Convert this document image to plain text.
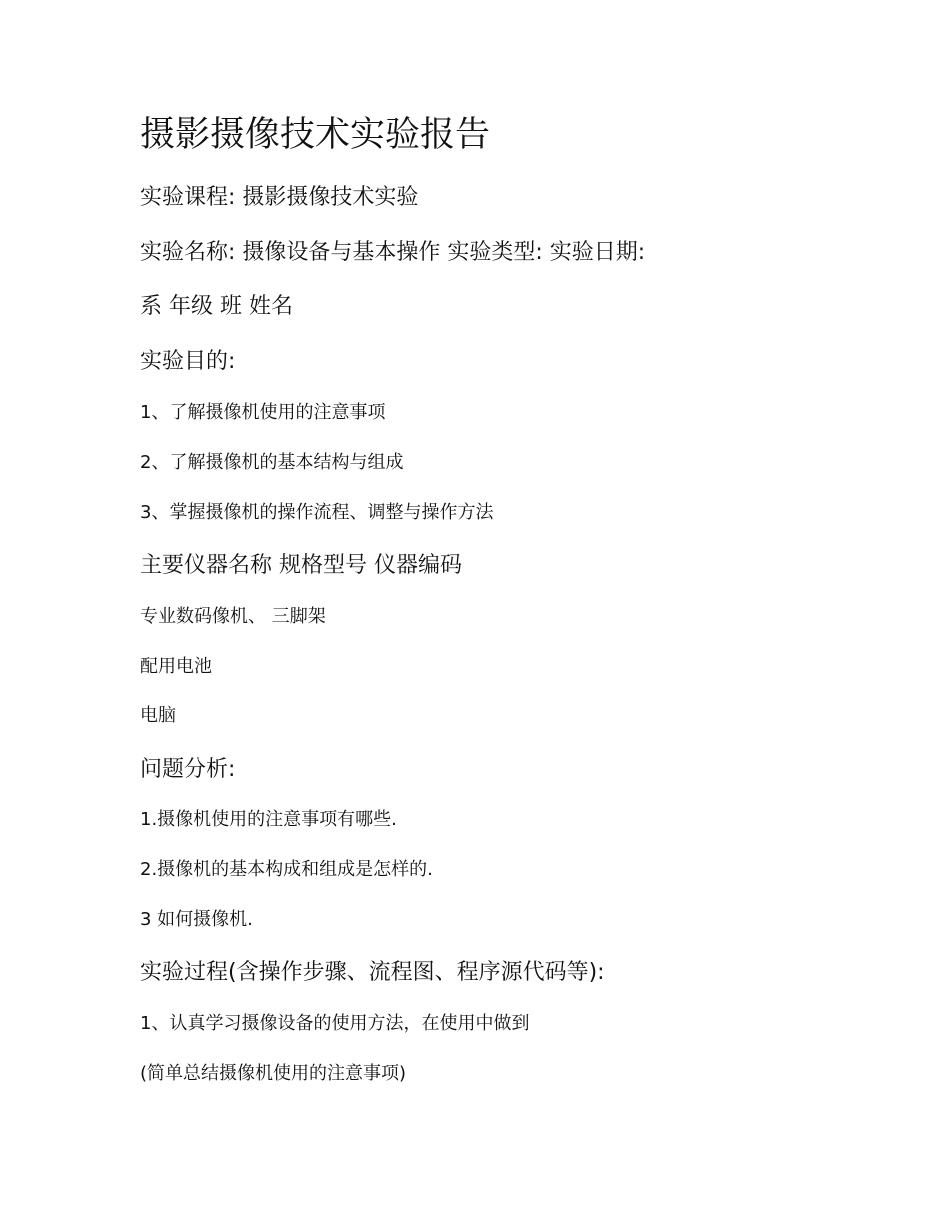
摄影摄像技术实验报告
实验课程: 摄影摄像技术实验
实验名称: 摄像设备与基本操作 实验类型: 实验日期:
系 年级 班 姓名
实验目的:
1、了解摄像机使用的注意事项
2、了解摄像机的基本结构与组成
3、掌握摄像机的操作流程、调整与操作方法
主要仪器名称 规格型号 仪器编码
专业数码像机、 三脚架
配用电池
电脑
问题分析:
1.摄像机使用的注意事项有哪些.
2.摄像机的基本构成和组成是怎样的.
3 如何摄像机.
实验过程(含操作步骤、流程图、程序源代码等):
1、认真学习摄像设备的使用方法，在使用中做到
(简单总结摄像机使用的注意事项)
